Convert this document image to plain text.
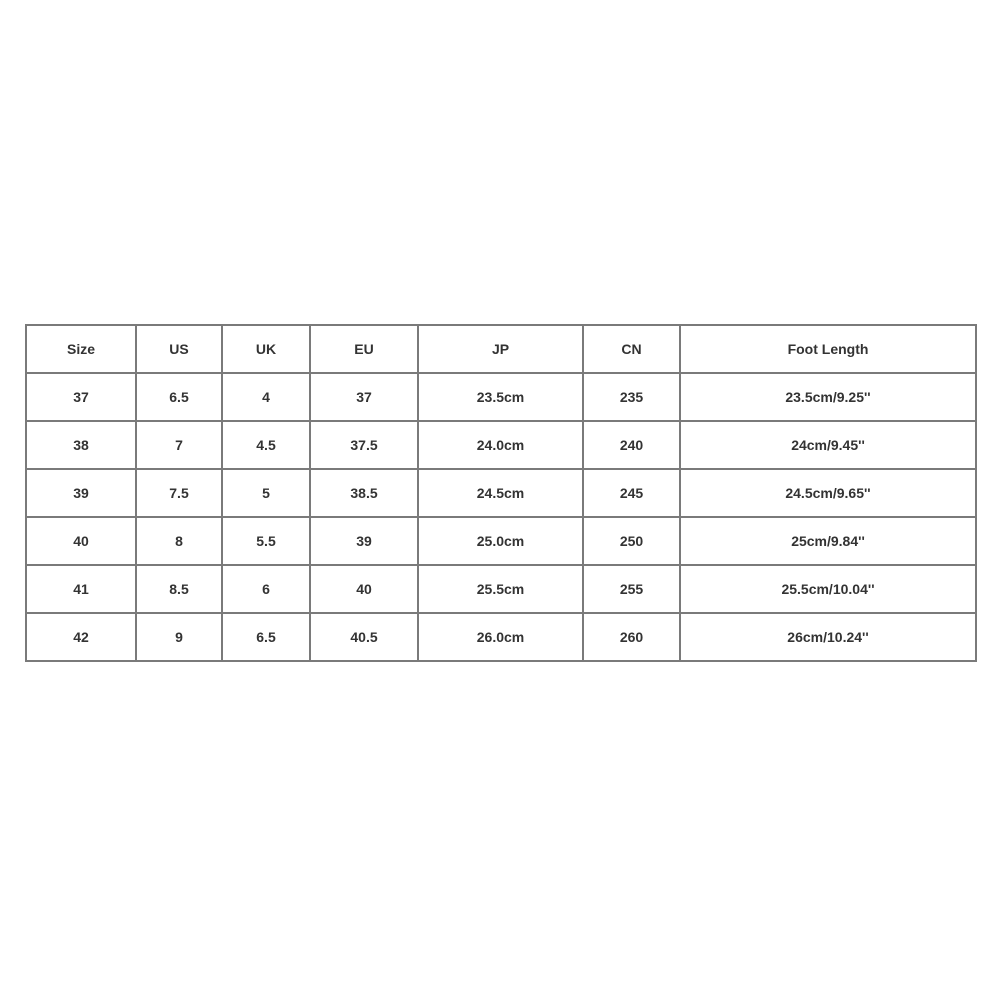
Size	US	UK	EU	JP	CN	Foot Length
37	6.5	4	37	23.5cm	235	23.5cm/9.25''
38	7	4.5	37.5	24.0cm	240	24cm/9.45''
39	7.5	5	38.5	24.5cm	245	24.5cm/9.65''
40	8	5.5	39	25.0cm	250	25cm/9.84''
41	8.5	6	40	25.5cm	255	25.5cm/10.04''
42	9	6.5	40.5	26.0cm	260	26cm/10.24''
